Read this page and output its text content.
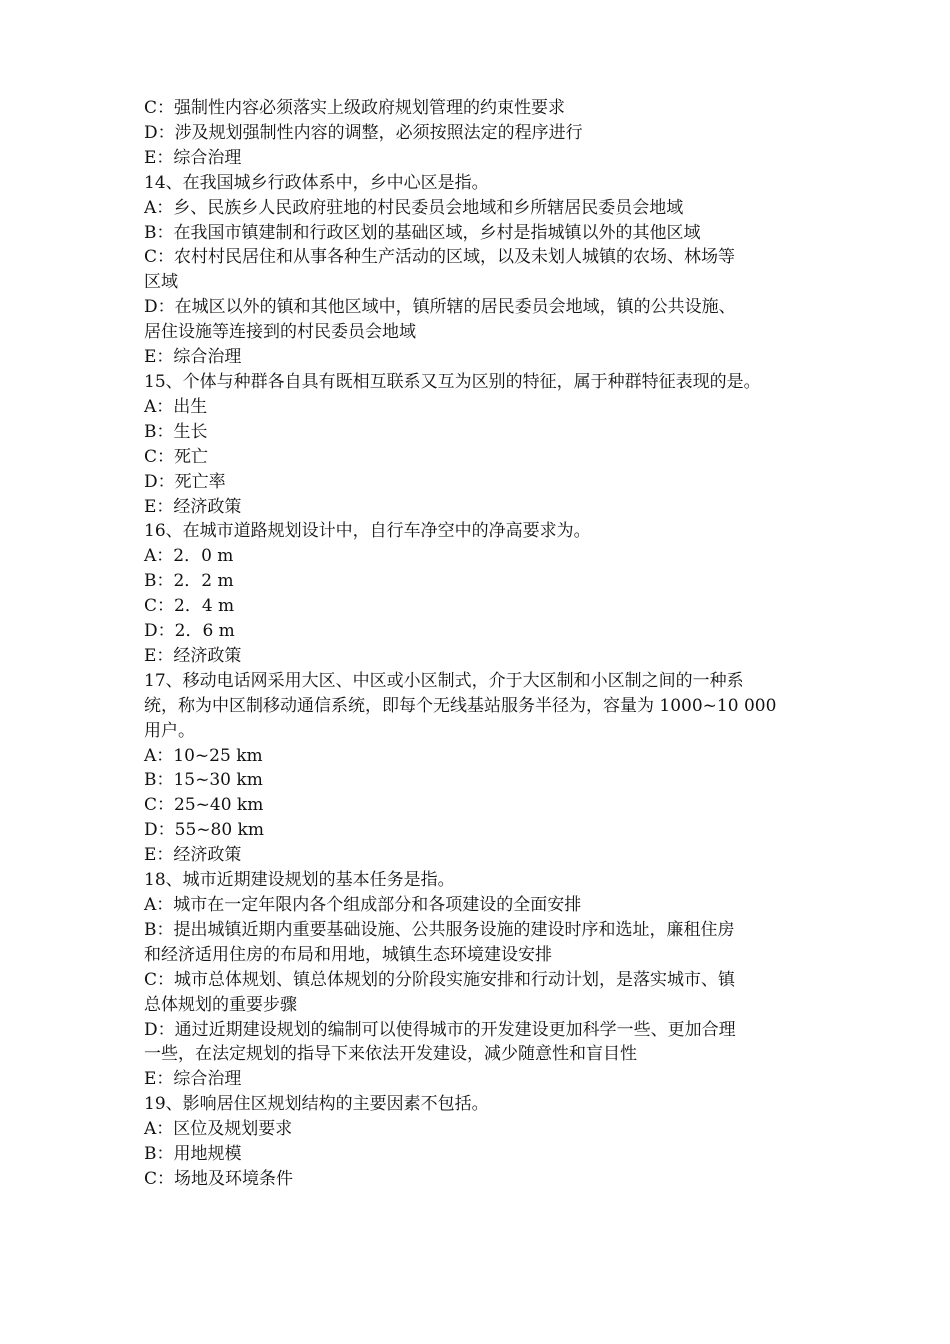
C：强制性内容必须落实上级政府规划管理的约束性要求
D：涉及规划强制性内容的调整，必须按照法定的程序进行
E：综合治理
14、在我国城乡行政体系中，乡中心区是指。
A：乡、民族乡人民政府驻地的村民委员会地域和乡所辖居民委员会地域
B：在我国市镇建制和行政区划的基础区域，乡村是指城镇以外的其他区域
C：农村村民居住和从事各种生产活动的区域，以及未划人城镇的农场、林场等
区域
D：在城区以外的镇和其他区域中，镇所辖的居民委员会地域，镇的公共设施、
居住设施等连接到的村民委员会地域
E：综合治理
15、个体与种群各自具有既相互联系又互为区别的特征，属于种群特征表现的是。
A：出生
B：生长
C：死亡
D：死亡率
E：经济政策
16、在城市道路规划设计中，自行车净空中的净高要求为。
A：2．0 m
B：2．2 m
C：2．4 m
D：2．6 m
E：经济政策
17、移动电话网采用大区、中区或小区制式，介于大区制和小区制之间的一种系
统，称为中区制移动通信系统，即每个无线基站服务半径为，容量为 1000~10 000
用户。
A：10~25 km
B：15~30 km
C：25~40 km
D：55~80 km
E：经济政策
18、城市近期建设规划的基本任务是指。
A：城市在一定年限内各个组成部分和各项建设的全面安排
B：提出城镇近期内重要基础设施、公共服务设施的建设时序和选址，廉租住房
和经济适用住房的布局和用地，城镇生态环境建设安排
C：城市总体规划、镇总体规划的分阶段实施安排和行动计划，是落实城市、镇
总体规划的重要步骤
D：通过近期建设规划的编制可以使得城市的开发建设更加科学一些、更加合理
一些，在法定规划的指导下来依法开发建设，减少随意性和盲目性
E：综合治理
19、影响居住区规划结构的主要因素不包括。
A：区位及规划要求
B：用地规模
C：场地及环境条件
